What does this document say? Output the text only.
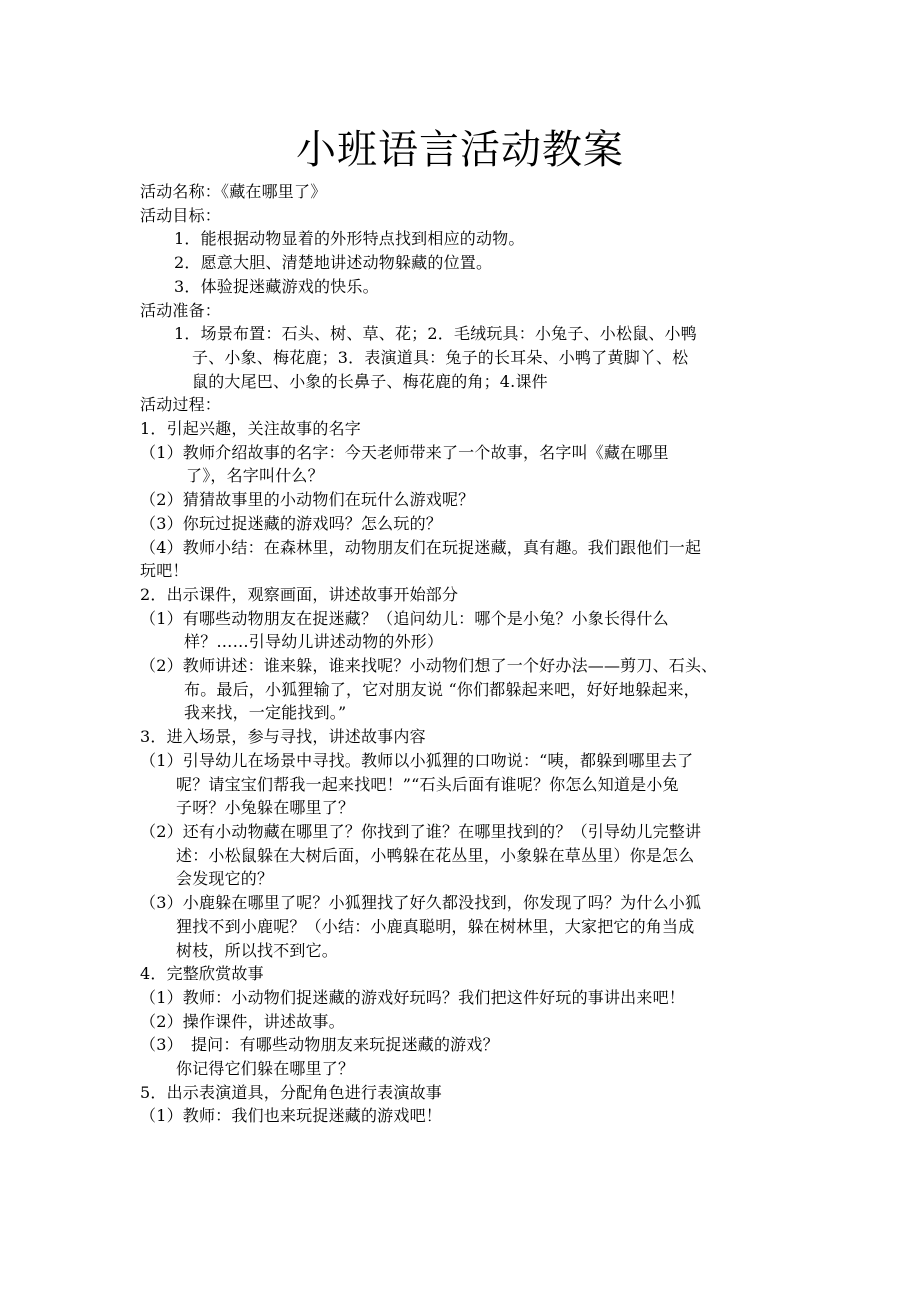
小班语言活动教案
活动名称：《藏在哪里了》
活动目标：
1．能根据动物显着的外形特点找到相应的动物。
2．愿意大胆、清楚地讲述动物躲藏的位置。
3．体验捉迷藏游戏的快乐。
活动准备：
1．场景布置：石头、树、草、花；2．毛绒玩具：小兔子、小松鼠、小鸭
子、小象、梅花鹿；3．表演道具：兔子的长耳朵、小鸭了黄脚丫、松
鼠的大尾巴、小象的长鼻子、梅花鹿的角；4.课件
活动过程：
1．引起兴趣，关注故事的名字
（1）教师介绍故事的名字：今天老师带来了一个故事，名字叫《藏在哪里
了》，名字叫什么？
（2）猜猜故事里的小动物们在玩什么游戏呢？
（3）你玩过捉迷藏的游戏吗？怎么玩的？
（4）教师小结：在森林里，动物朋友们在玩捉迷藏，真有趣。我们跟他们一起
玩吧！
2．出示课件，观察画面，讲述故事开始部分
（1）有哪些动物朋友在捉迷藏？（追问幼儿：哪个是小兔？小象长得什么
样？……引导幼儿讲述动物的外形）
（2）教师讲述：谁来躲，谁来找呢？小动物们想了一个好办法——剪刀、石头、
布。最后，小狐狸输了，它对朋友说 “你们都躲起来吧，好好地躲起来，
我来找，一定能找到。”
3．进入场景，参与寻找，讲述故事内容
（1）引导幼儿在场景中寻找。教师以小狐狸的口吻说：“咦，都躲到哪里去了
呢？请宝宝们帮我一起来找吧！”“石头后面有谁呢？你怎么知道是小兔
子呀？小兔躲在哪里了？
（2）还有小动物藏在哪里了？你找到了谁？在哪里找到的？（引导幼儿完整讲
述：小松鼠躲在大树后面，小鸭躲在花丛里，小象躲在草丛里）你是怎么
会发现它的？
（3）小鹿躲在哪里了呢？小狐狸找了好久都没找到，你发现了吗？为什么小狐
狸找不到小鹿呢？（小结：小鹿真聪明，躲在树林里，大家把它的角当成
树枝，所以找不到它。
4．完整欣赏故事
（1）教师：小动物们捉迷藏的游戏好玩吗？我们把这件好玩的事讲出来吧！
（2）操作课件，讲述故事。
（3）　提问：有哪些动物朋友来玩捉迷藏的游戏？
你记得它们躲在哪里了？
5．出示表演道具，分配角色进行表演故事
（1）教师：我们也来玩捉迷藏的游戏吧！
